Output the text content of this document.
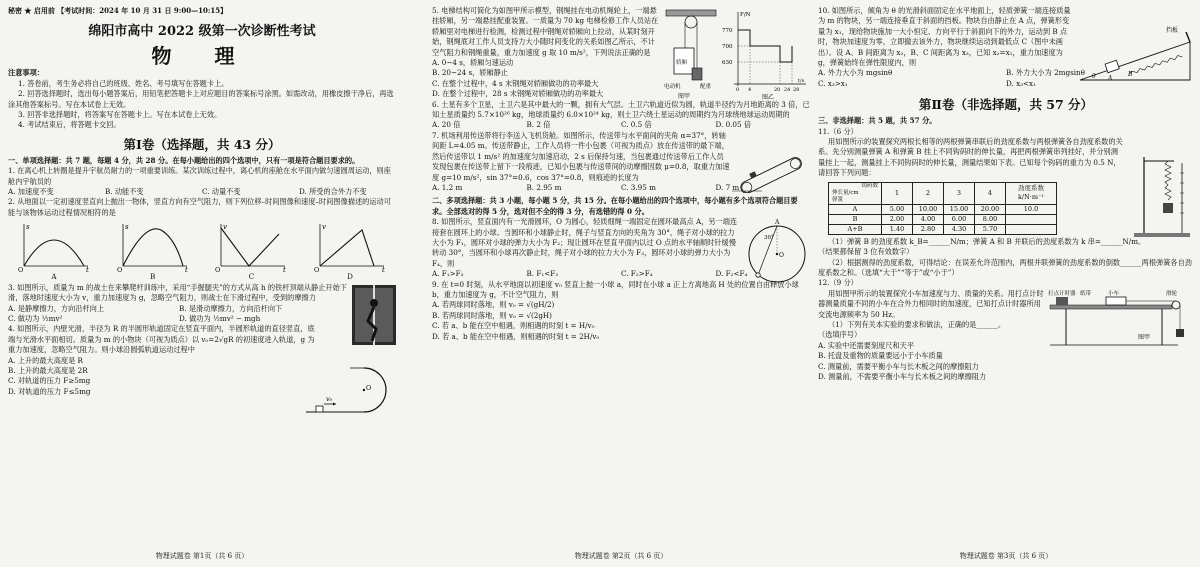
秘密 ★ 启用前 【考试时间：2024 年 10 月 31 日 9:00—10:15】

绵阳市高中 2022 级第一次诊断性考试

物 理

注意事项：

1. 答卷前，考生务必将自己的班级、姓名、考号填写在答题卡上。

2. 回答选择题时，选出每小题答案后，用铅笔把答题卡上对应题目的答案标号涂黑。如需改动，用橡皮擦干净后，再选涂其他答案标号。写在本试卷上无效。

3. 回答非选择题时，将答案写在答题卡上。写在本试卷上无效。

4. 考试结束后，将答题卡交回。

第Ⅰ卷（选择题，共 43 分）

一、单项选择题：共 7 题，每题 4 分，共 28 分。在每小题给出的四个选项中，只有一项是符合题目要求的。

1. 在离心机上转圈是提升宇航员耐力的一项重要训练。某次训练过程中，离心机的座舱在水平面内做匀速圆周运动，则座舱内宇航员的

A. 加速度不变	B. 动能不变	C. 动量不变	D. 所受的合外力不变

2. 从地面以一定初速度竖直向上抛出一物体，竖直方向有空气阻力，则下列位移–时间图像和速度–时间图像描述的运动可能与该物体运动过程情况相符的是

s
t
O
A
s
t
O
B
v
t
O
C
v
t
O
D

3. 如图所示，质量为 m 的战士在来攀爬杆训练中，采用“手握腿夹”的方式从高 h 的铁杆顶端从静止开始下滑，落地时速度大小为 v，重力加速度为 g，忽略空气阻力，则战士在下滑过程中，受到的摩擦力

A. 是静摩擦力，方向沿杆向上	B. 是滑动摩擦力，方向沿杆向下
C. 做功为 ½mv²	D. 做功为 ½mv² − mgh

4. 如图所示，内壁光滑、半径为 R 的半圆形轨道固定在竖直平面内，半圆形轨道的直径竖直，底端与光滑水平面相切。质量为 m 的小物块（可视为质点）以 v₀=2√gR 的初速度进入轨道，g 为重力加速度，忽略空气阻力。则小球沿圆弧轨道运动过程中

A. 上升的最大高度是 R

B. 上升的最大高度是 2R

C. 对轨道的压力 F≥5mg

D. 对轨道的压力 F≤5mg	O
v₀
物理试题卷 第1页（共 6 页）

5. 电梯结构可简化为如图甲所示模型，钢绳挂在电动机绳轮上，一端悬挂轿厢，另一端悬挂配重装置。一质量为 70 kg 电梯检修工作人员站在轿厢里对电梯进行检测，检测过程中钢绳对轿厢向上拉动，从某时刻开始，钢绳底对工作人员支持力大小随时间变化的关系如图乙所示，不计空气阻力和钢绳重量，重力加速度 g 取 10 m/s²，下列说法正确的是

A. 0~4 s，轿厢匀速运动

B. 20~24 s，轿厢静止

C. 在整个过程中，4 s 末钢绳对轿厢做功的功率最大

D. 在整个过程中，28 s 末钢绳对轿厢做功的功率最大

电动机	配重
轿厢
图甲
F/N
770
700
630
0 4	20 24 28
t/s
图乙

6. 土星有多个卫星，土卫六是其中最大的一颗，拥有大气层。土卫六轨道近似为圆，轨道半径约为月地距离的 3 倍，已知土星质量约 5.7×10²⁶ kg，地球质量约 6.0×10²⁴ kg，则土卫六绕土星运动的周期约为月球绕地球运动周期的

A. 20 倍	B. 2 倍	C. 0.5 倍	D. 0.05 倍

7. 机场利用传送带将行李送入飞机货舱。如图所示，传送带与水平面间的夹角 α=37°，转轴间距 L=4.05 m。传送带静止，工作人员将一件小包裹（可视为质点）放在传送带的最下端，然后传送带以 1 m/s² 的加速度匀加速启动，2 s 后保持匀速，当包裹通过传送带后工作人员发现包裹在传送带上留下一段痕迹，已知小包裹与传送带间的动摩擦因数 μ=0.8，取重力加速度 g=10 m/s²，sin 37°=0.6，cos 37°=0.8，则痕迹的长度为

A. 1.2 m	B. 2.95 m	C. 3.95 m	D. 7 m

二、多项选择题：共 3 小题，每小题 5 分，共 15 分。在每小题给出的四个选项中，每小题有多个选项符合题目要求。全部选对的得 5 分，选对但不全的得 3 分，有选错的得 0 分。

8. 如图所示，竖直面内有一光滑圆环，O 为圆心，轻质细绳一端固定在圆环最高点 A，另一端连接套在圆环上的小球。当圆环和小球静止时，绳子与竖直方向的夹角为 30°，绳子对小球的拉力大小为 F₁，圆环对小球的弹力大小为 F₂；现让圆环在竖直平面内以过 O 点的水平轴顺时针缓慢转动 30°，当圆环和小球再次静止时，绳子对小球的拉力大小为 F₃，圆环对小球的弹力大小为 F₄，则

A. F₁>F₃	B. F₁<F₃	C. F₂>F₄	D. F₂<F₄
A
O
30°

9. 在 t=0 时刻，从水平地面以初速度 v₀ 竖直上抛一小球 a，同时在小球 a 正上方离地高 H 处的位置自由释放小球 b，重力加速度为 g，不计空气阻力，则

A. 若两球同时落地，则 v₀ = √(gH/2)

B. 若两球同时落地，则 v₀ = √(2gH)

C. 若 a、b 能在空中相遇，则相遇的时刻 t = H/v₀

D. 若 a、b 能在空中相遇，则相遇的时刻 t = 2H/v₀

物理试题卷 第2页（共 6 页）

10. 如图所示，倾角为 θ 的光滑斜面固定在水平地面上，轻质弹簧一端连接质量为 m 的物块，另一端连接垂直于斜面的挡板。物块自由静止在 A 点，弹簧形变量为 x₁，现给物块施加一大小恒定、方向平行于斜面向下的外力，运动到 B 点时，物块加速度为零，立即撤去该外力，物块继续运动到最低点 C（图中未画出）。设 A、B 间距离为 x₂，B、C 间距离为 x₃，已知 x₂=x₁，重力加速度为 g，弹簧始终在弹性限度内，则

A. 外力大小为 mgsinθ	B. 外力大小为 2mgsinθ
C. x₃>x₁	D. x₃<x₁
A
B
θ
挡板

第Ⅱ卷（非选择题，共 57 分）

三、非选择题：共 5 题，共 57 分。

11.（6 分）

用如图所示的装置探究两根长相等的两根弹簧串联后的劲度系数与两根弹簧各自劲度系数的关系。先分别测量弹簧 A 和弹簧 B 挂上不同钩码时的伸长量，再把两根弹簧串列挂好，并分别测量挂上一起，测量挂上不同钩码时的伸长量，测量结果如下表。已知每个钩码的重力为 0.5 N，请回答下列问题：

钩码数

伸长量/cm
弹簧	1	2	3	4	劲度系数 k/N·m⁻¹
A	5.00	10.00	15.00	20.00	10.0
B	2.00	4.00	6.00	8.00	
A+B	1.40	2.80	4.30	5.70	

（1）弹簧 B 的劲度系数 k_B=______N/m；弹簧 A 和 B 并联后的劲度系数为 k 串=______N/m。

（结果都保留 3 位有效数字）

（2）根据测得的劲度系数，可得结论：在误差允许范围内，两根并联弹簧的劲度系数的倒数______两根弹簧各自劲度系数之和。（选填“大于”“等于”或“小于”）

12.（9 分）

用如图甲所示的装置探究小车加速度与力、质量的关系。用打点计时器测量质量不同的小车在合外力相同时的加速度，已知打点计时器所用交流电源频率为 50 Hz。

（1）下列有关本实验的要求和做法，正确的是______。

（选填序号）

A. 实验中还需要刻度尺和天平

B. 托盘及重物的质量要远小于小车质量

C. 测量前，需要平衡小车与长木板之间的摩擦阻力

D. 测量前，不需要平衡小车与长木板之间的摩擦阻力

打点计时器 纸带	小车	滑轮
图甲
物理试题卷 第3页（共 6 页）
